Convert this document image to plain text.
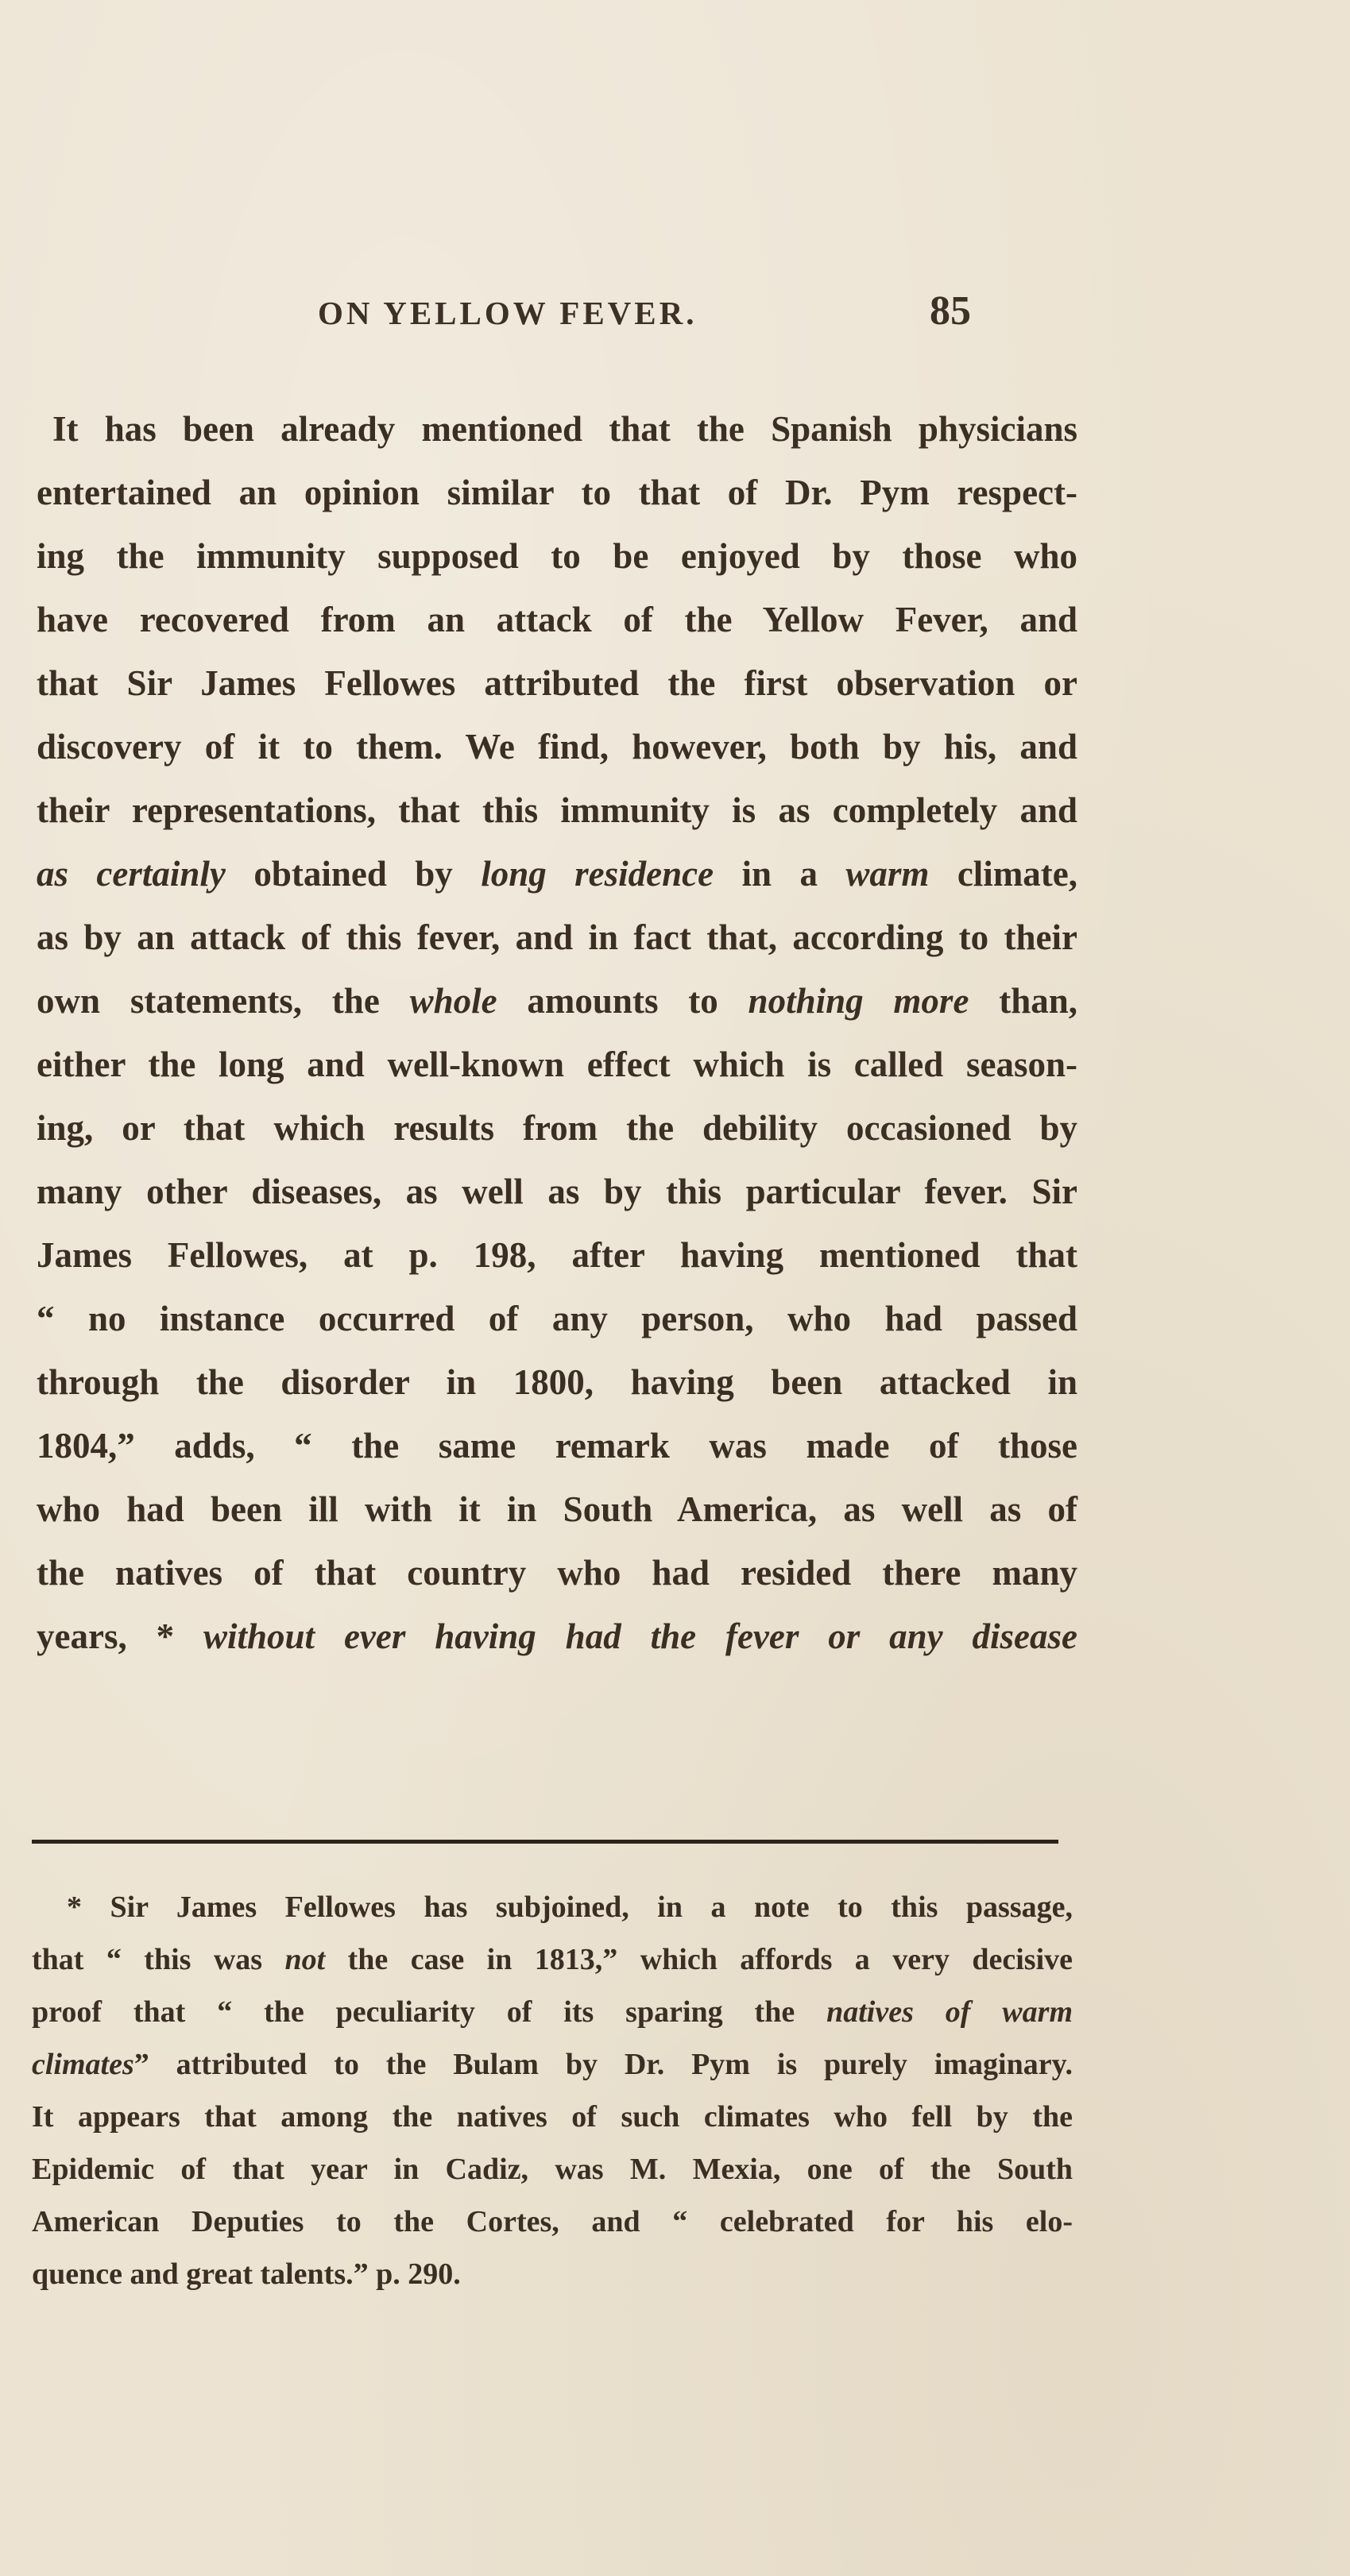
ON YELLOW FEVER.	85
It has been already mentioned that the Spanish physicians
entertained an opinion similar to that of Dr. Pym respect-
ing the immunity supposed to be enjoyed by those who
have recovered from an attack of the Yellow Fever, and
that Sir James Fellowes attributed the first observation or
discovery of it to them. We find, however, both by his, and
their representations, that this immunity is as completely and
as certainly obtained by long residence in a warm climate,
as by an attack of this fever, and in fact that, according to their
own statements, the whole amounts to nothing more than,
either the long and well-known effect which is called season-
ing, or that which results from the debility occasioned by
many other diseases, as well as by this particular fever. Sir
James Fellowes, at p. 198, after having mentioned that
“ no instance occurred of any person, who had passed
through the disorder in 1800, having been attacked in
1804,” adds, “ the same remark was made of those
who had been ill with it in South America, as well as of
the natives of that country who had resided there many
years, * without ever having had the fever or any disease
* Sir James Fellowes has subjoined, in a note to this passage,
that “ this was not the case in 1813,” which affords a very decisive
proof that “ the peculiarity of its sparing the natives of warm
climates” attributed to the Bulam by Dr. Pym is purely imaginary.
It appears that among the natives of such climates who fell by the
Epidemic of that year in Cadiz, was M. Mexia, one of the South
American Deputies to the Cortes, and “ celebrated for his elo-
quence and great talents.” p. 290.
